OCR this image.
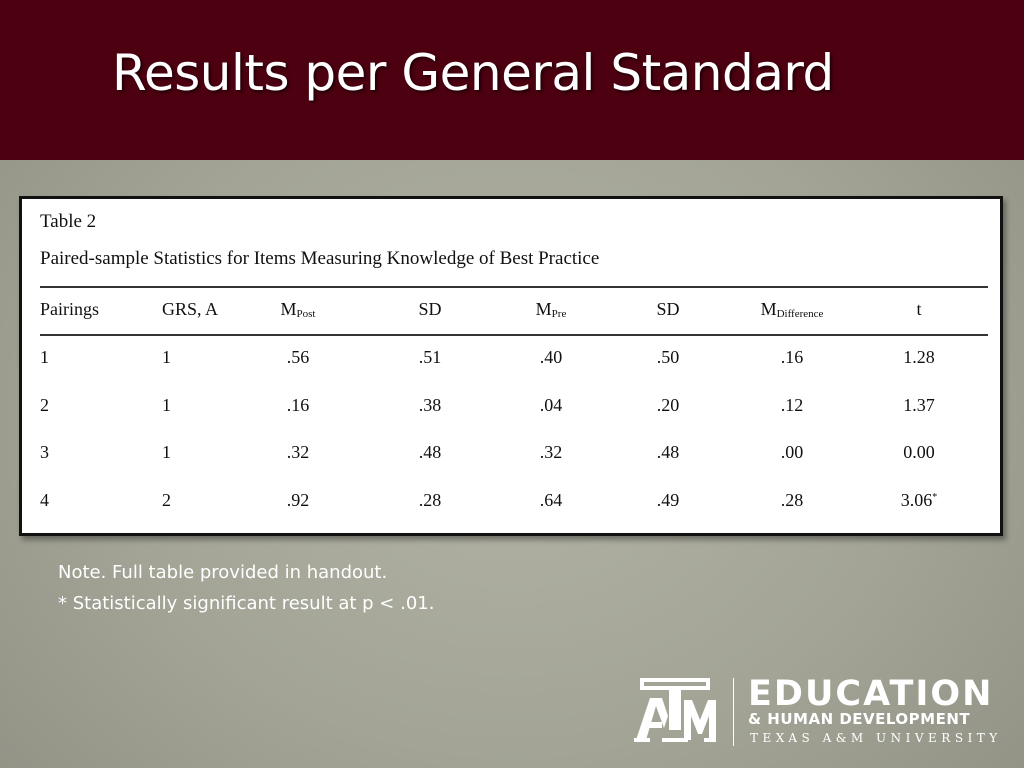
Results per General Standard
Table 2
Paired-sample Statistics for Items Measuring Knowledge of Best Practice
Pairings	GRS, A	$M_{Post}$	SD	$M_{Pre}$	SD	$M_{Difference}$	t
1	1	.56	.51	.40	.50	.16	1.28
2	1	.16	.38	.04	.20	.12	1.37
3	1	.32	.48	.32	.48	.00	0.00
4	2	.92	.28	.64	.49	.28	3.06*
Note. Full table provided in handout.
* Statistically significant result at p < .01.
EDUCATION
& HUMAN DEVELOPMENT
TEXAS A&M UNIVERSITY
